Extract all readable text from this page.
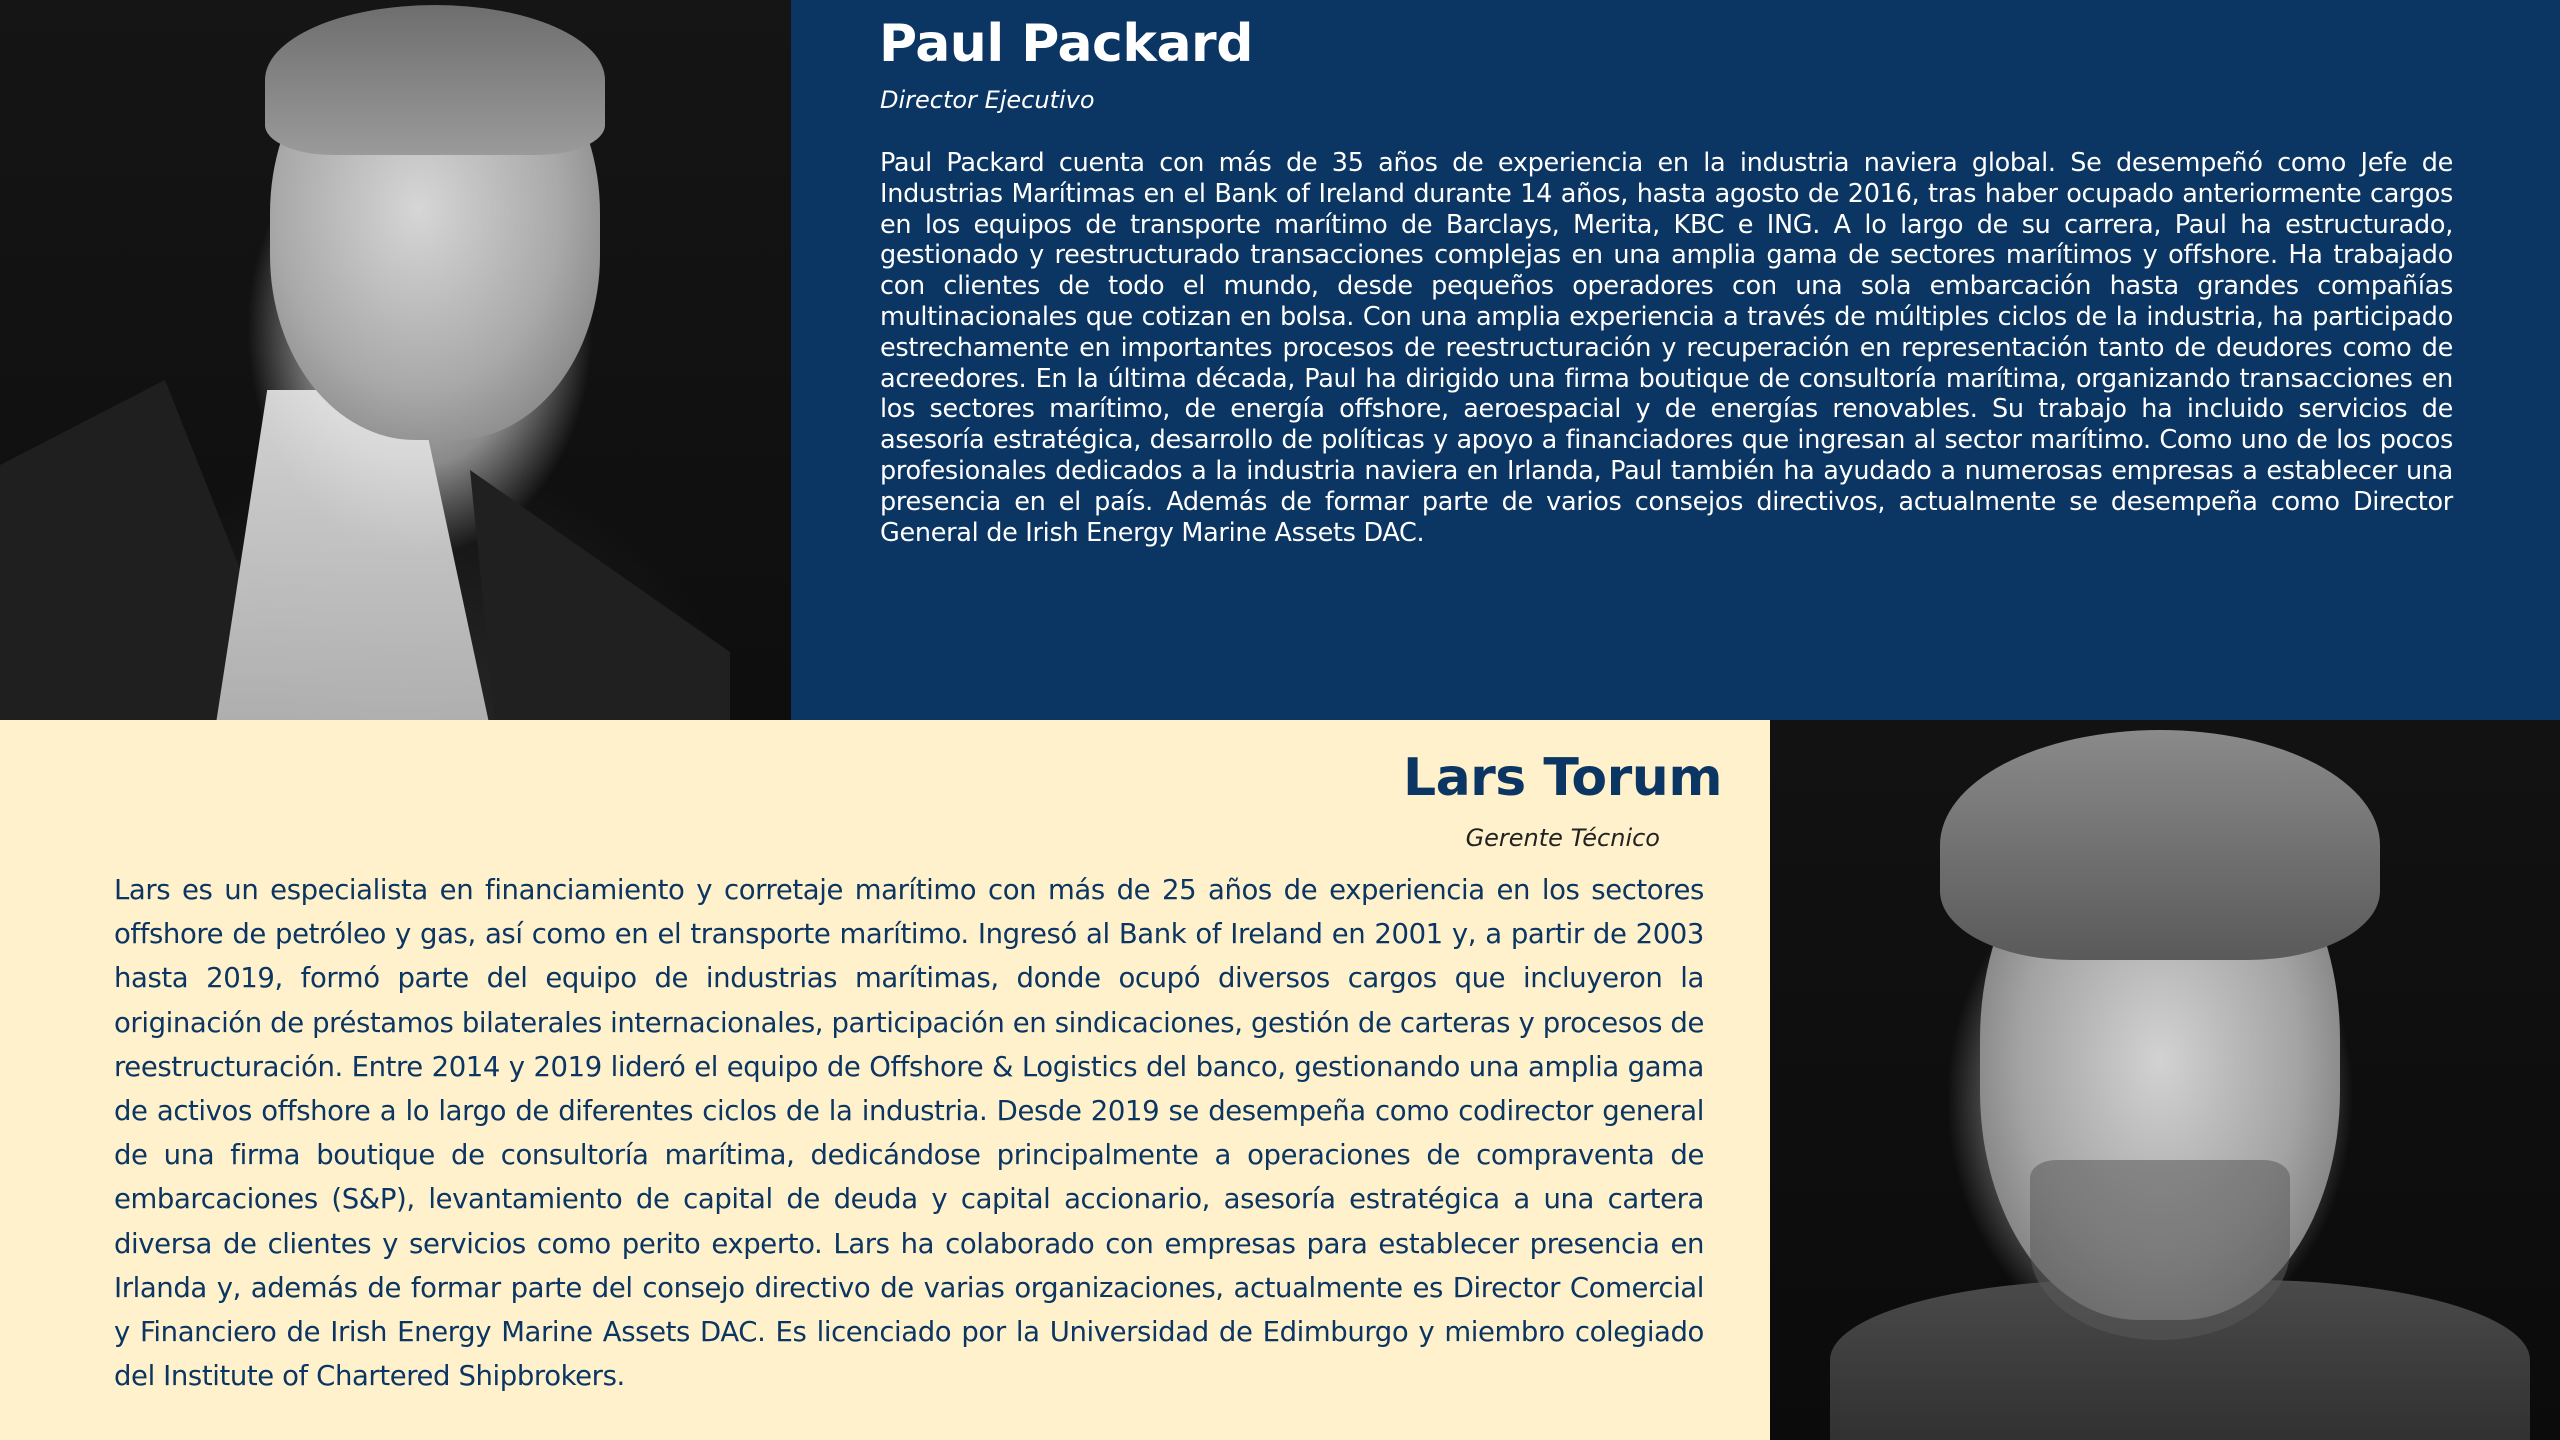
Paul Packard

Director Ejecutivo

Paul Packard cuenta con más de 35 años de experiencia en la industria naviera global. Se desempeñó como Jefe de Industrias Marítimas en el Bank of Ireland durante 14 años, hasta agosto de 2016, tras haber ocupado anteriormente cargos en los equipos de transporte marítimo de Barclays, Merita, KBC e ING. A lo largo de su carrera, Paul ha estructurado, gestionado y reestructurado transacciones complejas en una amplia gama de sectores marítimos y offshore. Ha trabajado con clientes de todo el mundo, desde pequeños operadores con una sola embarcación hasta grandes compañías multinacionales que cotizan en bolsa. Con una amplia experiencia a través de múltiples ciclos de la industria, ha participado estrechamente en importantes procesos de reestructuración y recuperación en representación tanto de deudores como de acreedores. En la última década, Paul ha dirigido una firma boutique de consultoría marítima, organizando transacciones en los sectores marítimo, de energía offshore, aeroespacial y de energías renovables. Su trabajo ha incluido servicios de asesoría estratégica, desarrollo de políticas y apoyo a financiadores que ingresan al sector marítimo. Como uno de los pocos profesionales dedicados a la industria naviera en Irlanda, Paul también ha ayudado a numerosas empresas a establecer una presencia en el país. Además de formar parte de varios consejos directivos, actualmente se desempeña como Director General de Irish Energy Marine Assets DAC.

Lars Torum

Gerente Técnico

Lars es un especialista en financiamiento y corretaje marítimo con más de 25 años de experiencia en los sectores offshore de petróleo y gas, así como en el transporte marítimo. Ingresó al Bank of Ireland en 2001 y, a partir de 2003 hasta 2019, formó parte del equipo de industrias marítimas, donde ocupó diversos cargos que incluyeron la originación de préstamos bilaterales internacionales, participación en sindicaciones, gestión de carteras y procesos de reestructuración. Entre 2014 y 2019 lideró el equipo de Offshore & Logistics del banco, gestionando una amplia gama de activos offshore a lo largo de diferentes ciclos de la industria. Desde 2019 se desempeña como codirector general de una firma boutique de consultoría marítima, dedicándose principalmente a operaciones de compraventa de embarcaciones (S&P), levantamiento de capital de deuda y capital accionario, asesoría estratégica a una cartera diversa de clientes y servicios como perito experto. Lars ha colaborado con empresas para establecer presencia en Irlanda y, además de formar parte del consejo directivo de varias organizaciones, actualmente es Director Comercial y Financiero de Irish Energy Marine Assets DAC. Es licenciado por la Universidad de Edimburgo y miembro colegiado del Institute of Chartered Shipbrokers.
